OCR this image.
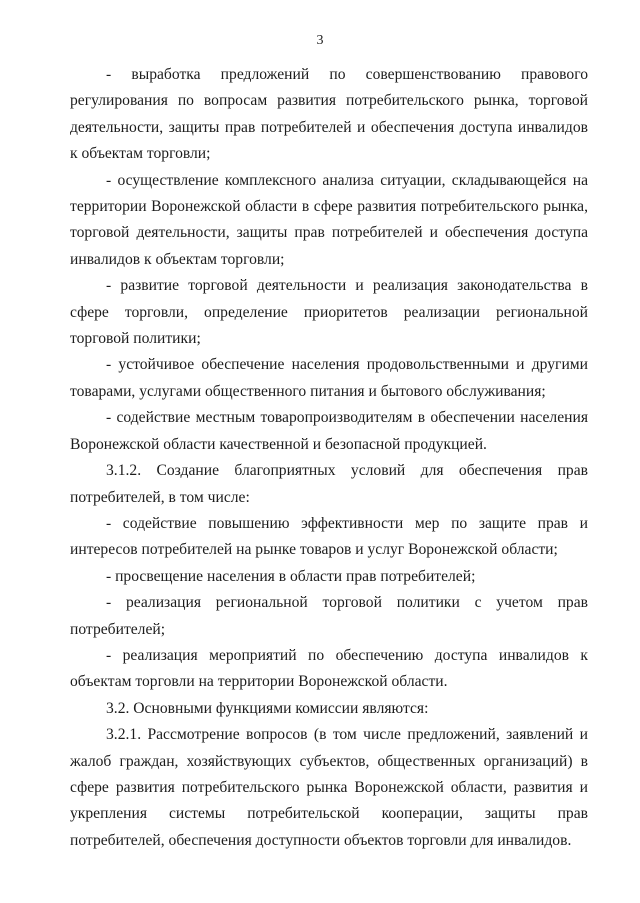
3

- выработка предложений по совершенствованию правового регулирования по вопросам развития потребительского рынка, торговой деятельности, защиты прав потребителей и обеспечения доступа инвалидов к объектам торговли;

- осуществление комплексного анализа ситуации, складывающейся на территории Воронежской области в сфере развития потребительского рынка, торговой деятельности, защиты прав потребителей и обеспечения доступа инвалидов к объектам торговли;

- развитие торговой деятельности и реализация законодательства в сфере торговли, определение приоритетов реализации региональной торговой политики;

- устойчивое обеспечение населения продовольственными и другими товарами, услугами общественного питания и бытового обслуживания;

- содействие местным товаропроизводителям в обеспечении населения Воронежской области качественной и безопасной продукцией.

3.1.2. Создание благоприятных условий для обеспечения прав потребителей, в том числе:

- содействие повышению эффективности мер по защите прав и интересов потребителей на рынке товаров и услуг Воронежской области;

- просвещение населения в области прав потребителей;

- реализация региональной торговой политики с учетом прав потребителей;

- реализация мероприятий по обеспечению доступа инвалидов к объектам торговли на территории Воронежской области.

3.2. Основными функциями комиссии являются:

3.2.1. Рассмотрение вопросов (в том числе предложений, заявлений и жалоб граждан, хозяйствующих субъектов, общественных организаций) в сфере развития потребительского рынка Воронежской области, развития и укрепления системы потребительской кооперации, защиты прав потребителей, обеспечения доступности объектов торговли для инвалидов.
